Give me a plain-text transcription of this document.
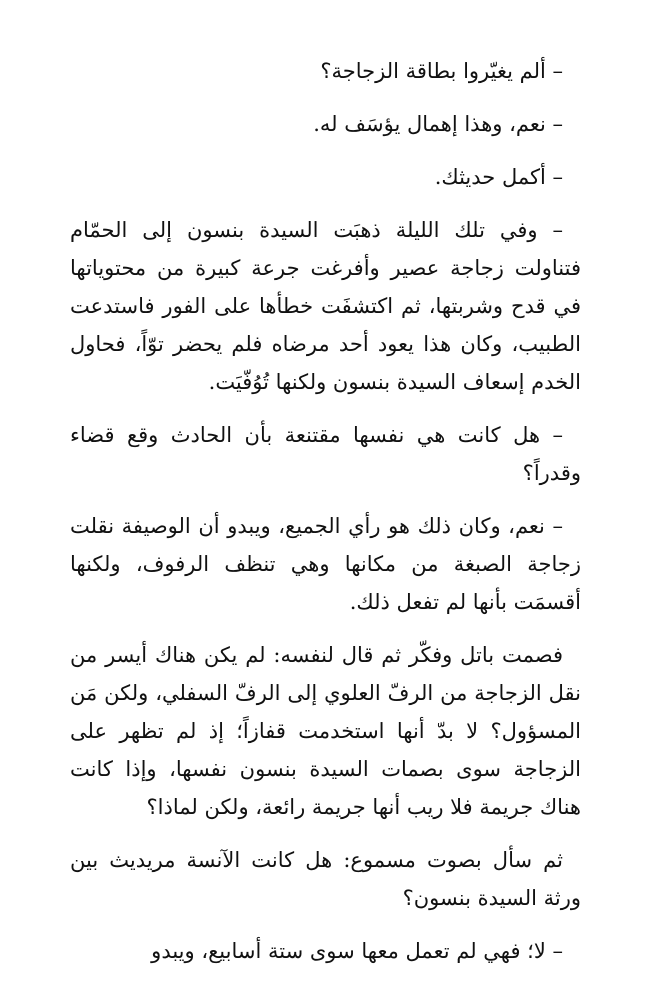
– ألم يغيّروا بطاقة الزجاجة؟

– نعم، وهذا إهمال يؤسَف له.

– أكمل حديثك.

– وفي تلك الليلة ذهبَت السيدة بنسون إلى الحمّام فتناولت زجاجة عصير وأفرغت جرعة كبيرة من محتوياتها في قدح وشربتها، ثم اكتشفَت خطأها على الفور فاستدعت الطبيب، وكان هذا يعود أحد مرضاه فلم يحضر توّاً، فحاول الخدم إسعاف السيدة بنسون ولكنها تُوُفّيَت.

– هل كانت هي نفسها مقتنعة بأن الحادث وقع قضاء وقدراً؟

– نعم، وكان ذلك هو رأي الجميع، ويبدو أن الوصيفة نقلت زجاجة الصبغة من مكانها وهي تنظف الرفوف، ولكنها أقسمَت بأنها لم تفعل ذلك.

فصمت باتل وفكّر ثم قال لنفسه: لم يكن هناك أيسر من نقل الزجاجة من الرفّ العلوي إلى الرفّ السفلي، ولكن مَن المسؤول؟ لا بدّ أنها استخدمت قفازاً؛ إذ لم تظهر على الزجاجة سوى بصمات السيدة بنسون نفسها، وإذا كانت هناك جريمة فلا ريب أنها جريمة رائعة، ولكن لماذا؟

ثم سأل بصوت مسموع: هل كانت الآنسة مريديث بين ورثة السيدة بنسون؟

– لا؛ فهي لم تعمل معها سوى ستة أسابيع، ويبدو
